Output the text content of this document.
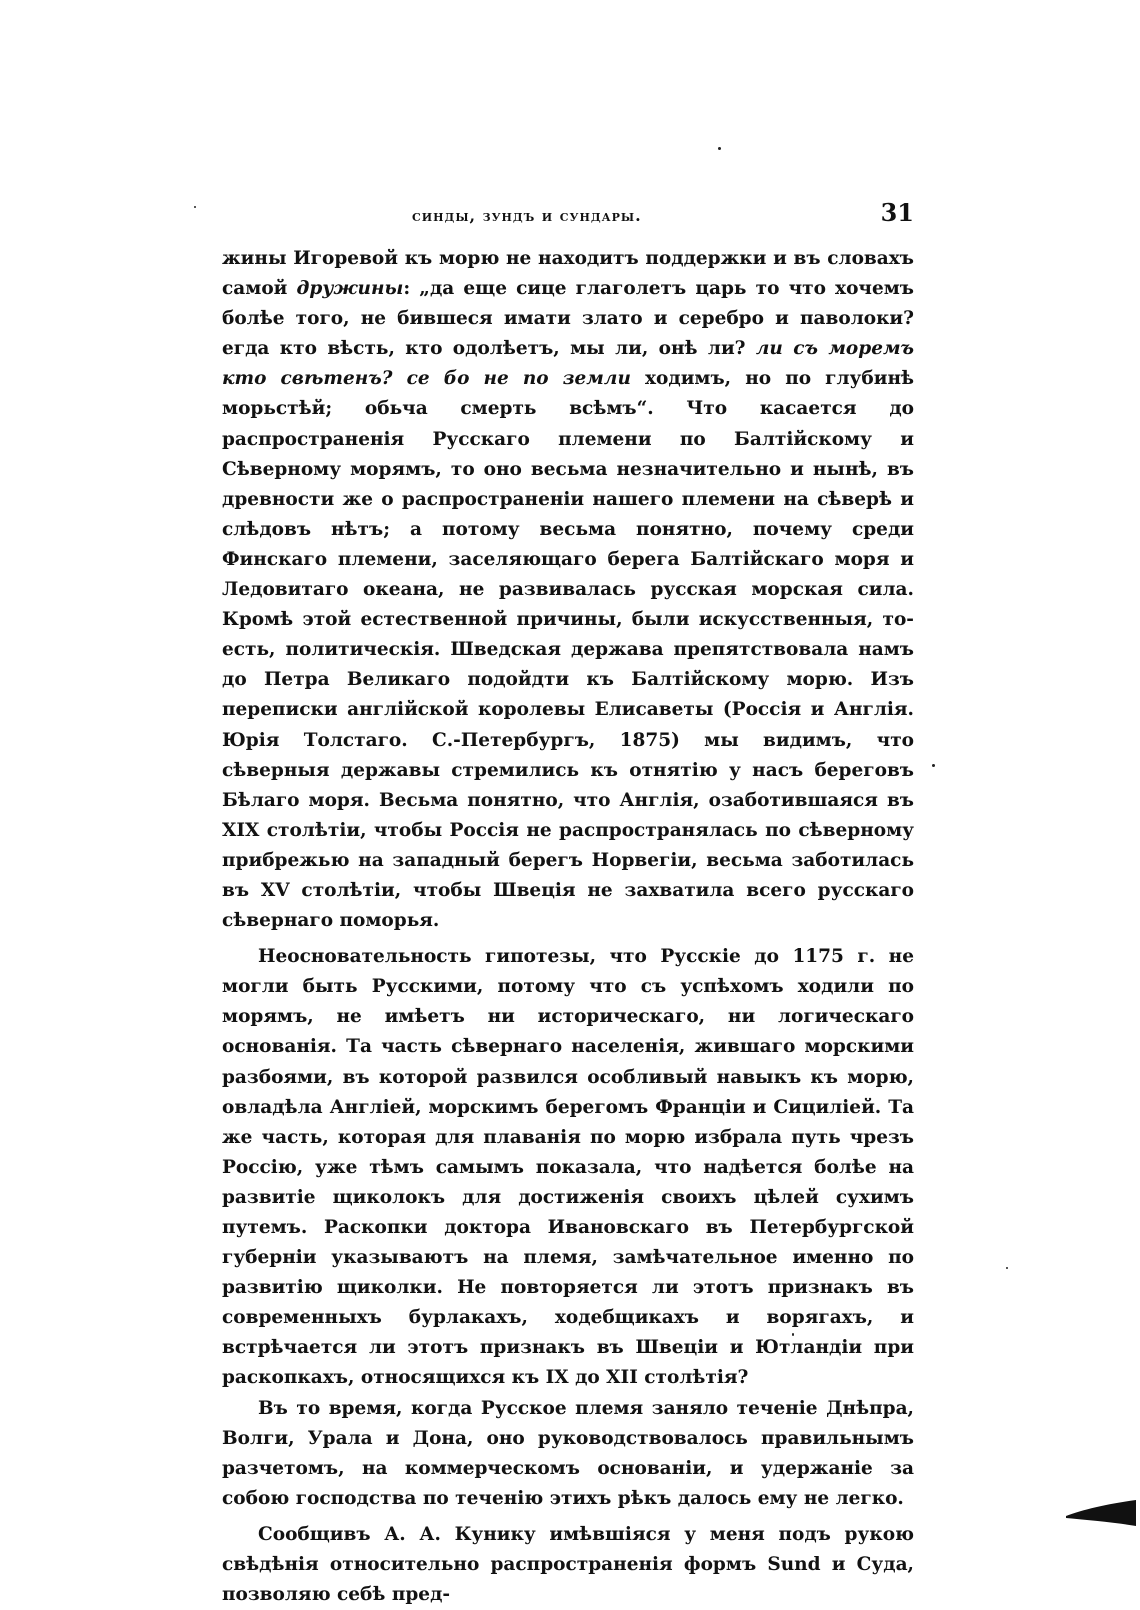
синды, зундъ и сундары.	31

жины Игоревой къ морю не находитъ поддержки и въ словахъ самой дружины: „да еще сице глаголетъ царь то что хочемъ болѣе того, не бившеся имати злато и серебро и паволоки? егда кто вѣсть, кто одолѣетъ, мы ли, онѣ ли? ли съ моремъ кто свѣтенъ? се бо не по земли ходимъ, но по глубинѣ морьстѣй; обьча смерть всѣмъ“. Что касается до распространенія Русскаго племени по Балтійскому и Сѣверному морямъ, то оно весьма незначительно и нынѣ, въ древности же о распространеніи нашего племени на сѣверѣ и слѣдовъ нѣтъ; а потому весьма понятно, почему среди Финскаго племени, заселяющаго берега Балтійскаго моря и Ледовитаго океана, не развивалась русская морская сила. Кромѣ этой естественной причины, были искусственныя, то-есть, политическія. Шведская держава препятствовала намъ до Петра Великаго подойдти къ Балтійскому морю. Изъ переписки англійской королевы Елисаветы (Россія и Англія. Юрія Толстаго. С.-Петербургъ, 1875) мы видимъ, что сѣверныя державы стремились къ отнятію у насъ береговъ Бѣлаго моря. Весьма понятно, что Англія, озаботившаяся въ XIX столѣтіи, чтобы Россія не распространялась по сѣверному прибрежью на западный берегъ Норвегіи, весьма заботилась въ XV столѣтіи, чтобы Швеція не захватила всего русскаго сѣвернаго поморья.

Неосновательность гипотезы, что Русскіе до 1175 г. не могли быть Русскими, потому что съ успѣхомъ ходили по морямъ, не имѣетъ ни историческаго, ни логическаго основанія. Та часть сѣвернаго населенія, жившаго морскими разбоями, въ которой развился особливый навыкъ къ морю, овладѣла Англіей, морскимъ берегомъ Франціи и Сициліей. Та же часть, которая для плаванія по морю избрала путь чрезъ Россію, уже тѣмъ самымъ показала, что надѣется болѣе на развитіе щиколокъ для достиженія своихъ цѣлей сухимъ путемъ. Раскопки доктора Ивановскаго въ Петербургской губерніи указываютъ на племя, замѣчательное именно по развитію щиколки. Не повторяется ли этотъ признакъ въ современныхъ бурлакахъ, ходебщикахъ и ворягахъ, и встрѣчается ли этотъ признакъ въ Швеціи и Ютландіи при раскопкахъ, относящихся къ IX до XII столѣтія?

Въ то время, когда Русское племя заняло теченіе Днѣпра, Волги, Урала и Дона, оно руководствовалось правильнымъ разчетомъ, на коммерческомъ основаніи, и удержаніе за собою господства по теченію этихъ рѣкъ далось ему не легко.

Сообщивъ А. А. Кунику имѣвшіяся у меня подъ рукою свѣдѣнія относительно распространенія формъ Sund и Суда, позволяю себѣ пред-
